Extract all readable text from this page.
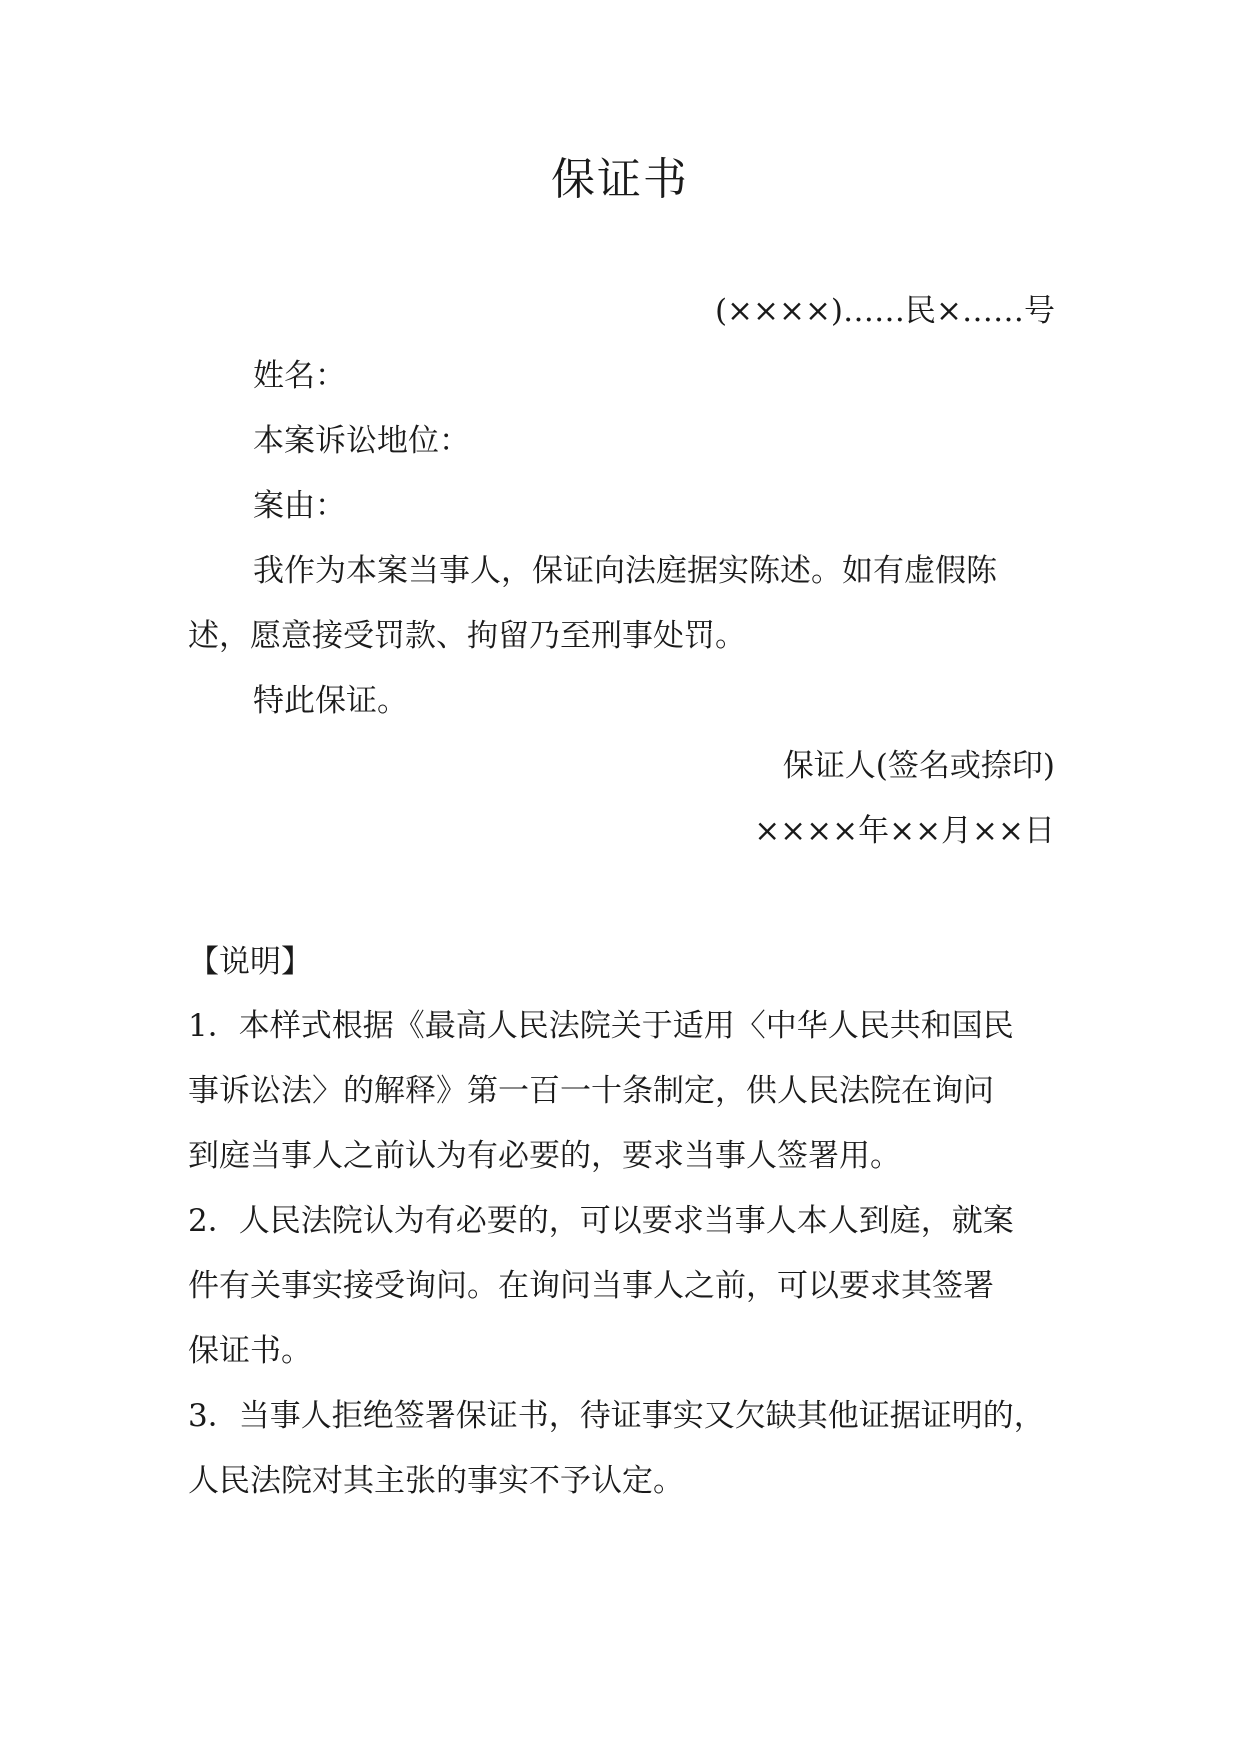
保证书
(××××)……民×……号
姓名：
本案诉讼地位：
案由：
我作为本案当事人，保证向法庭据实陈述。如有虚假陈
述，愿意接受罚款、拘留乃至刑事处罚。
特此保证。
保证人(签名或捺印)
××××年××月××日
【说明】
1．本样式根据《最高人民法院关于适用〈中华人民共和国民
事诉讼法〉的解释》第一百一十条制定，供人民法院在询问
到庭当事人之前认为有必要的，要求当事人签署用。
2．人民法院认为有必要的，可以要求当事人本人到庭，就案
件有关事实接受询问。在询问当事人之前，可以要求其签署
保证书。
3．当事人拒绝签署保证书，待证事实又欠缺其他证据证明的，
人民法院对其主张的事实不予认定。
